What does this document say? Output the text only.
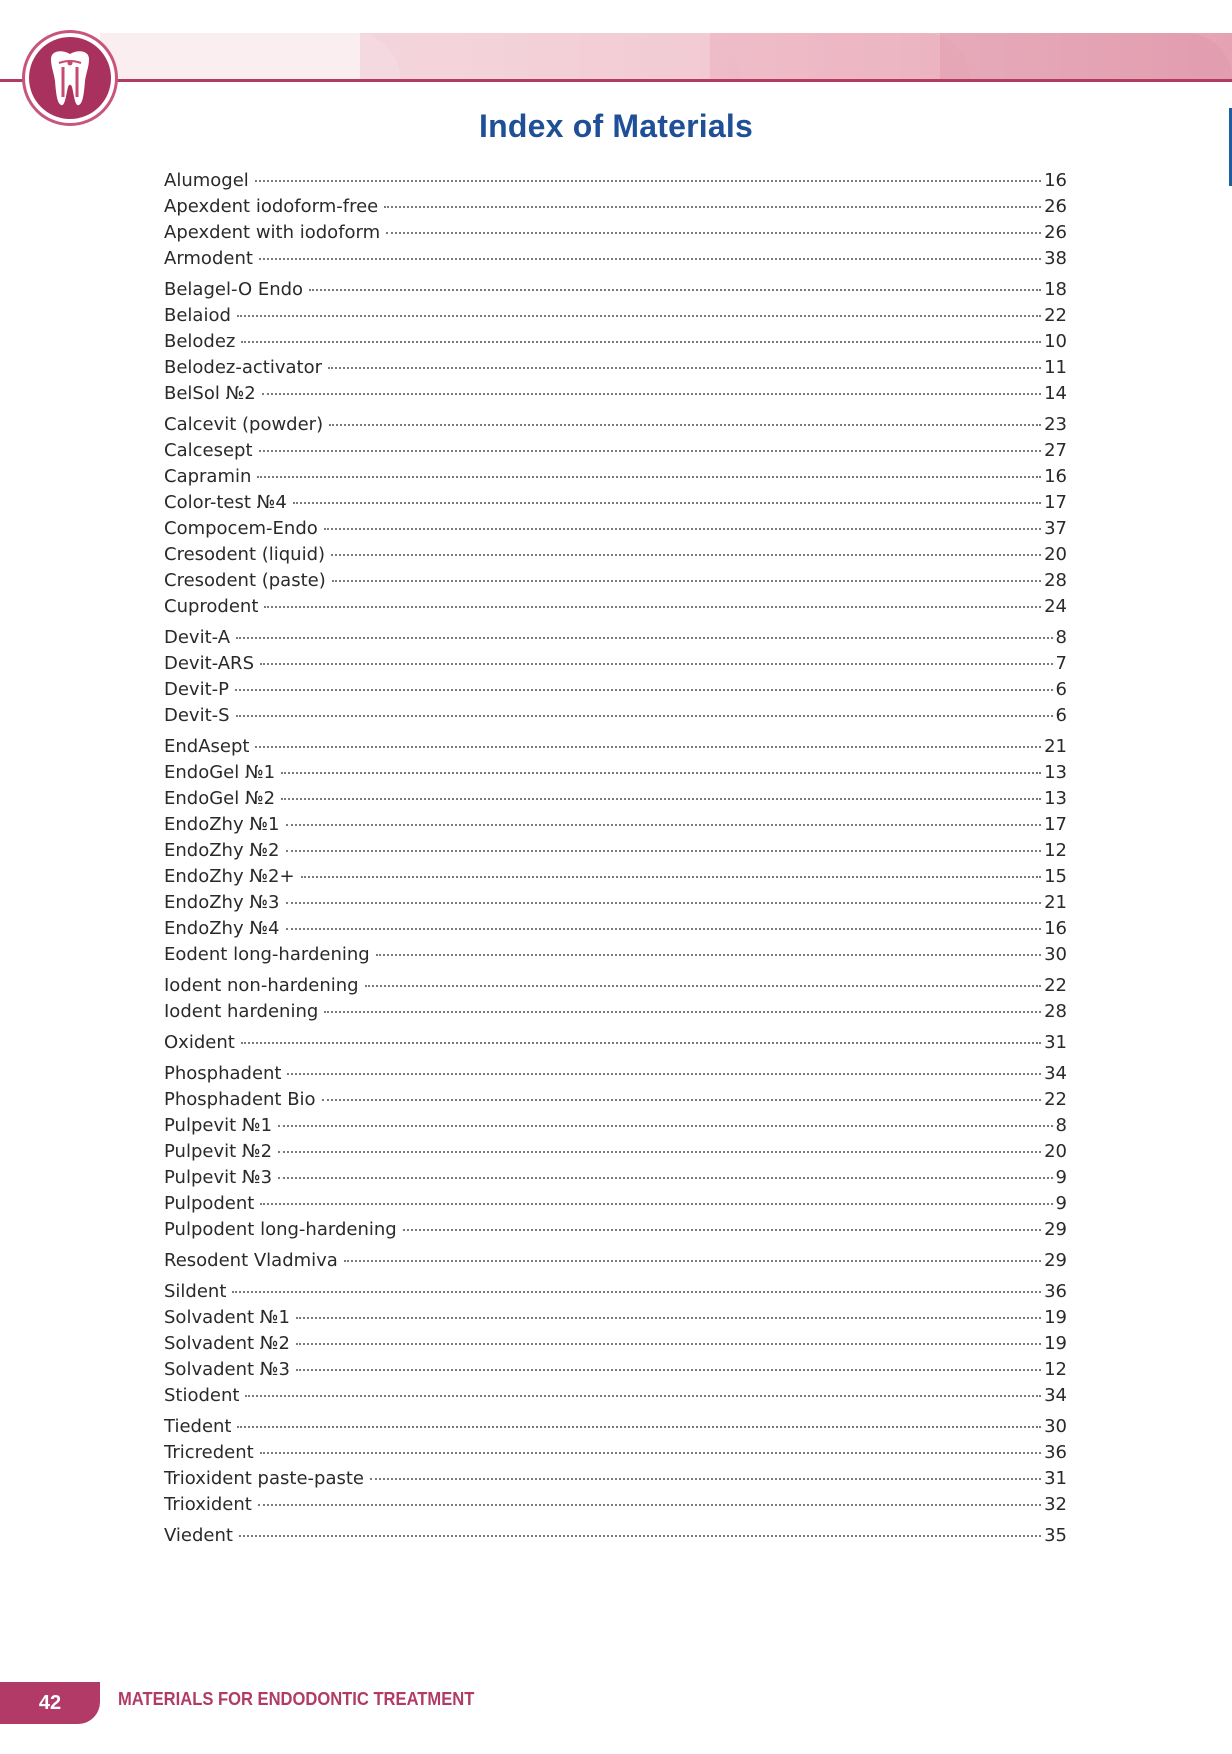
Index of Materials
Alumogel	16
Apexdent iodoform-free	26
Apexdent with iodoform	26
Armodent	38
Belagel-O Endo	18
Belaiod	22
Belodez	10
Belodez-activator	11
BelSol №2	14
Calcevit (powder)	23
Calcesept	27
Capramin	16
Color-test №4	17
Compocem-Endo	37
Cresodent (liquid)	20
Cresodent (paste)	28
Cuprodent	24
Devit-A	8
Devit-ARS	7
Devit-P	6
Devit-S	6
EndAsept	21
EndoGel №1	13
EndoGel №2	13
EndoZhy №1	17
EndoZhy №2	12
EndoZhy №2+	15
EndoZhy №3	21
EndoZhy №4	16
Eodent long-hardening	30
Iodent non-hardening	22
Iodent hardening	28
Oxident	31
Phosphadent	34
Phosphadent Bio	22
Pulpevit №1	8
Pulpevit №2	20
Pulpevit №3	9
Pulpodent	9
Pulpodent long-hardening	29
Resodent Vladmiva	29
Sildent	36
Solvadent №1	19
Solvadent №2	19
Solvadent №3	12
Stiodent	34
Tiedent	30
Tricredent	36
Trioxident paste-paste	31
Trioxident	32
Viedent	35
42	MATERIALS FOR ENDODONTIC TREATMENT
